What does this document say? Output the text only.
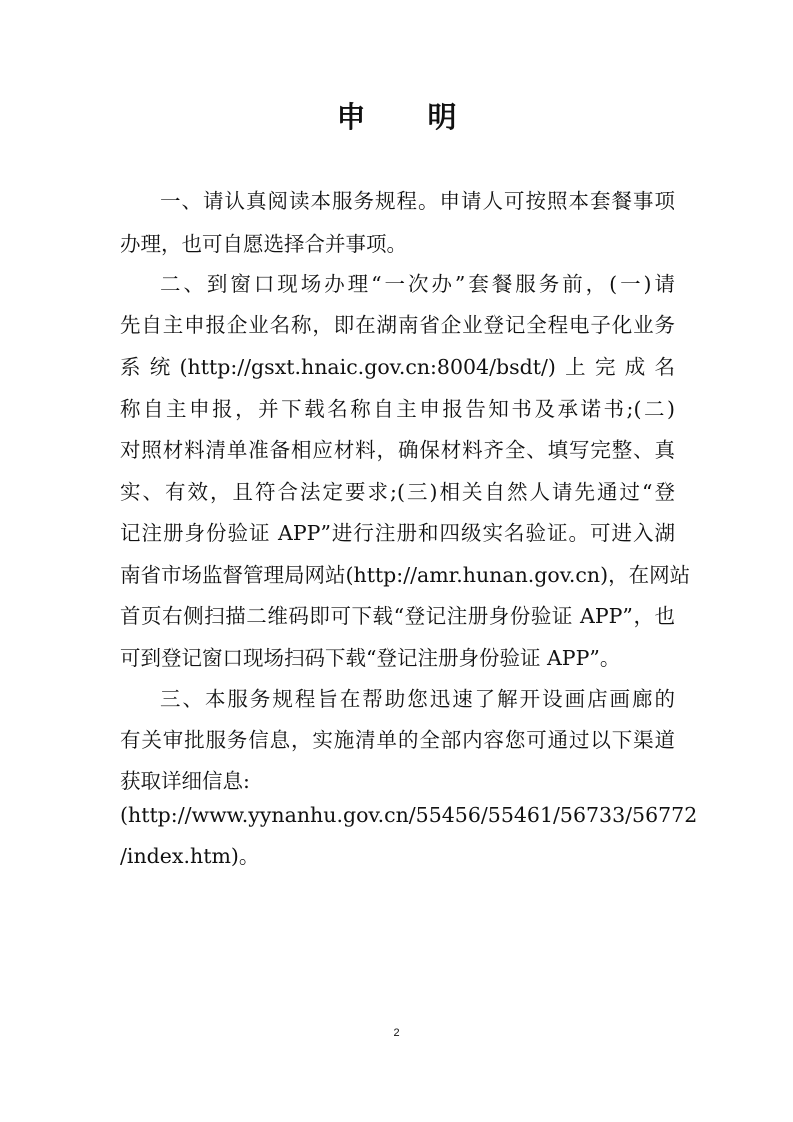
申 明

一、请认真阅读本服务规程。申请人可按照本套餐事项

办理，也可自愿选择合并事项。

二、到窗口现场办理“一次办”套餐服务前，(一)请

先自主申报企业名称，即在湖南省企业登记全程电子化业务

系统(http://gsxt.hnaic.gov.cn:8004/bsdt/)上完成名

称自主申报，并下载名称自主申报告知书及承诺书;(二)

对照材料清单准备相应材料，确保材料齐全、填写完整、真

实、有效，且符合法定要求;(三)相关自然人请先通过“登

记注册身份验证 APP”进行注册和四级实名验证。可进入湖

南省市场监督管理局网站(http://amr.hunan.gov.cn)，在网站

首页右侧扫描二维码即可下载“登记注册身份验证 APP”，也

可到登记窗口现场扫码下载“登记注册身份验证 APP”。

三、本服务规程旨在帮助您迅速了解开设画店画廊的

有关审批服务信息，实施清单的全部内容您可通过以下渠道

获取详细信息:

(http://www.yynanhu.gov.cn/55456/55461/56733/56772

/index.htm)。

2
